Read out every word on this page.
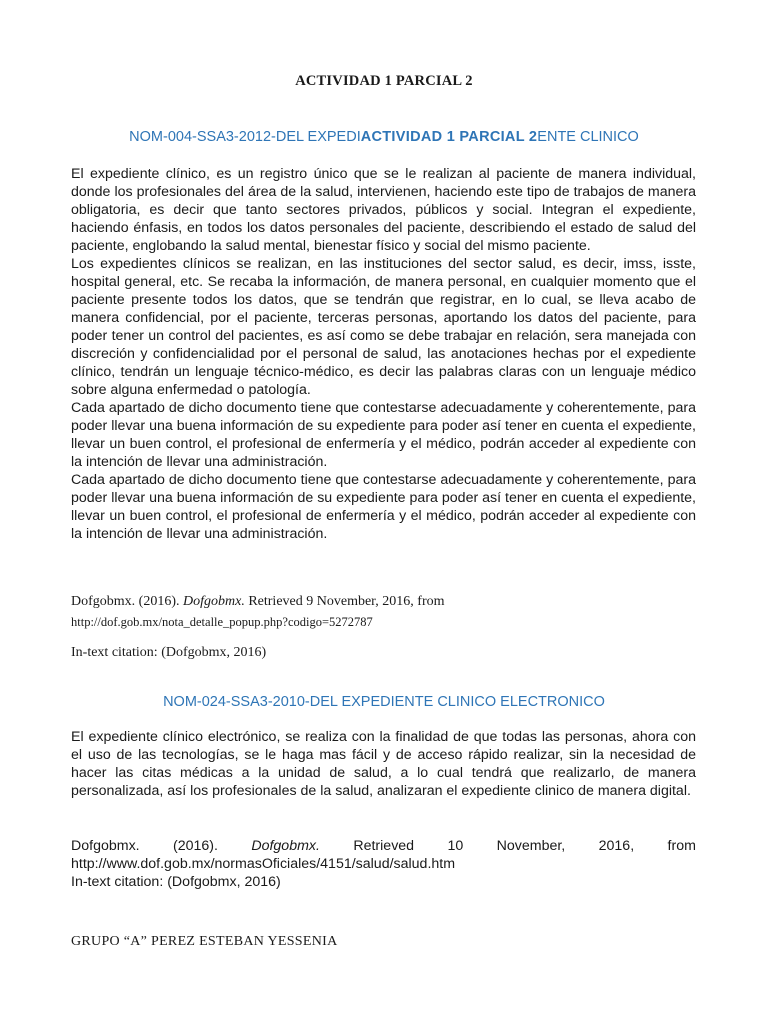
ACTIVIDAD 1 PARCIAL 2
NOM-004-SSA3-2012-DEL EXPEDIACTIVIDAD 1 PARCIAL 2ENTE CLINICO

El expediente clínico, es un registro único que se le realizan al paciente de manera individual, donde los profesionales del área de la salud, intervienen, haciendo este tipo de trabajos de manera obligatoria, es decir que tanto sectores privados, públicos y social. Integran el expediente, haciendo énfasis, en todos los datos personales del paciente, describiendo el estado de salud del paciente, englobando la salud mental, bienestar físico y social del mismo paciente.

Los expedientes clínicos se realizan, en las instituciones del sector salud, es decir, imss, isste, hospital general, etc. Se recaba la información, de manera personal, en cualquier momento que el paciente presente todos los datos, que se tendrán que registrar, en lo cual, se lleva acabo de manera confidencial, por el paciente, terceras personas, aportando los datos del paciente, para poder tener un control del pacientes, es así como se debe trabajar en relación, sera manejada con discreción y confidencialidad por el personal de salud, las anotaciones hechas por el expediente clínico, tendrán un lenguaje técnico-médico, es decir las palabras claras con un lenguaje médico sobre alguna enfermedad o patología.

Cada apartado de dicho documento tiene que contestarse adecuadamente y coherentemente, para poder llevar una buena información de su expediente para poder así tener en cuenta el expediente, llevar un buen control, el profesional de enfermería y el médico, podrán acceder al expediente con la intención de llevar una administración.

Cada apartado de dicho documento tiene que contestarse adecuadamente y coherentemente, para poder llevar una buena información de su expediente para poder así tener en cuenta el expediente, llevar un buen control, el profesional de enfermería y el médico, podrán acceder al expediente con la intención de llevar una administración.

Dofgobmx. (2016). Dofgobmx. Retrieved 9 November, 2016, from

http://dof.gob.mx/nota_detalle_popup.php?codigo=5272787

In-text citation: (Dofgobmx, 2016)

NOM-024-SSA3-2010-DEL EXPEDIENTE CLINICO ELECTRONICO

El expediente clínico electrónico, se realiza con la finalidad de que todas las personas, ahora con el uso de las tecnologías, se le haga mas fácil y de acceso rápido realizar, sin la necesidad de hacer las citas médicas a la unidad de salud, a lo cual tendrá que realizarlo, de manera personalizada, así los profesionales de la salud, analizaran el expediente clinico de manera digital.

Dofgobmx. (2016). Dofgobmx. Retrieved 10 November, 2016, from
http://www.dof.gob.mx/normasOficiales/4151/salud/salud.htm
In-text citation: (Dofgobmx, 2016)
GRUPO “A” PEREZ ESTEBAN YESSENIA
